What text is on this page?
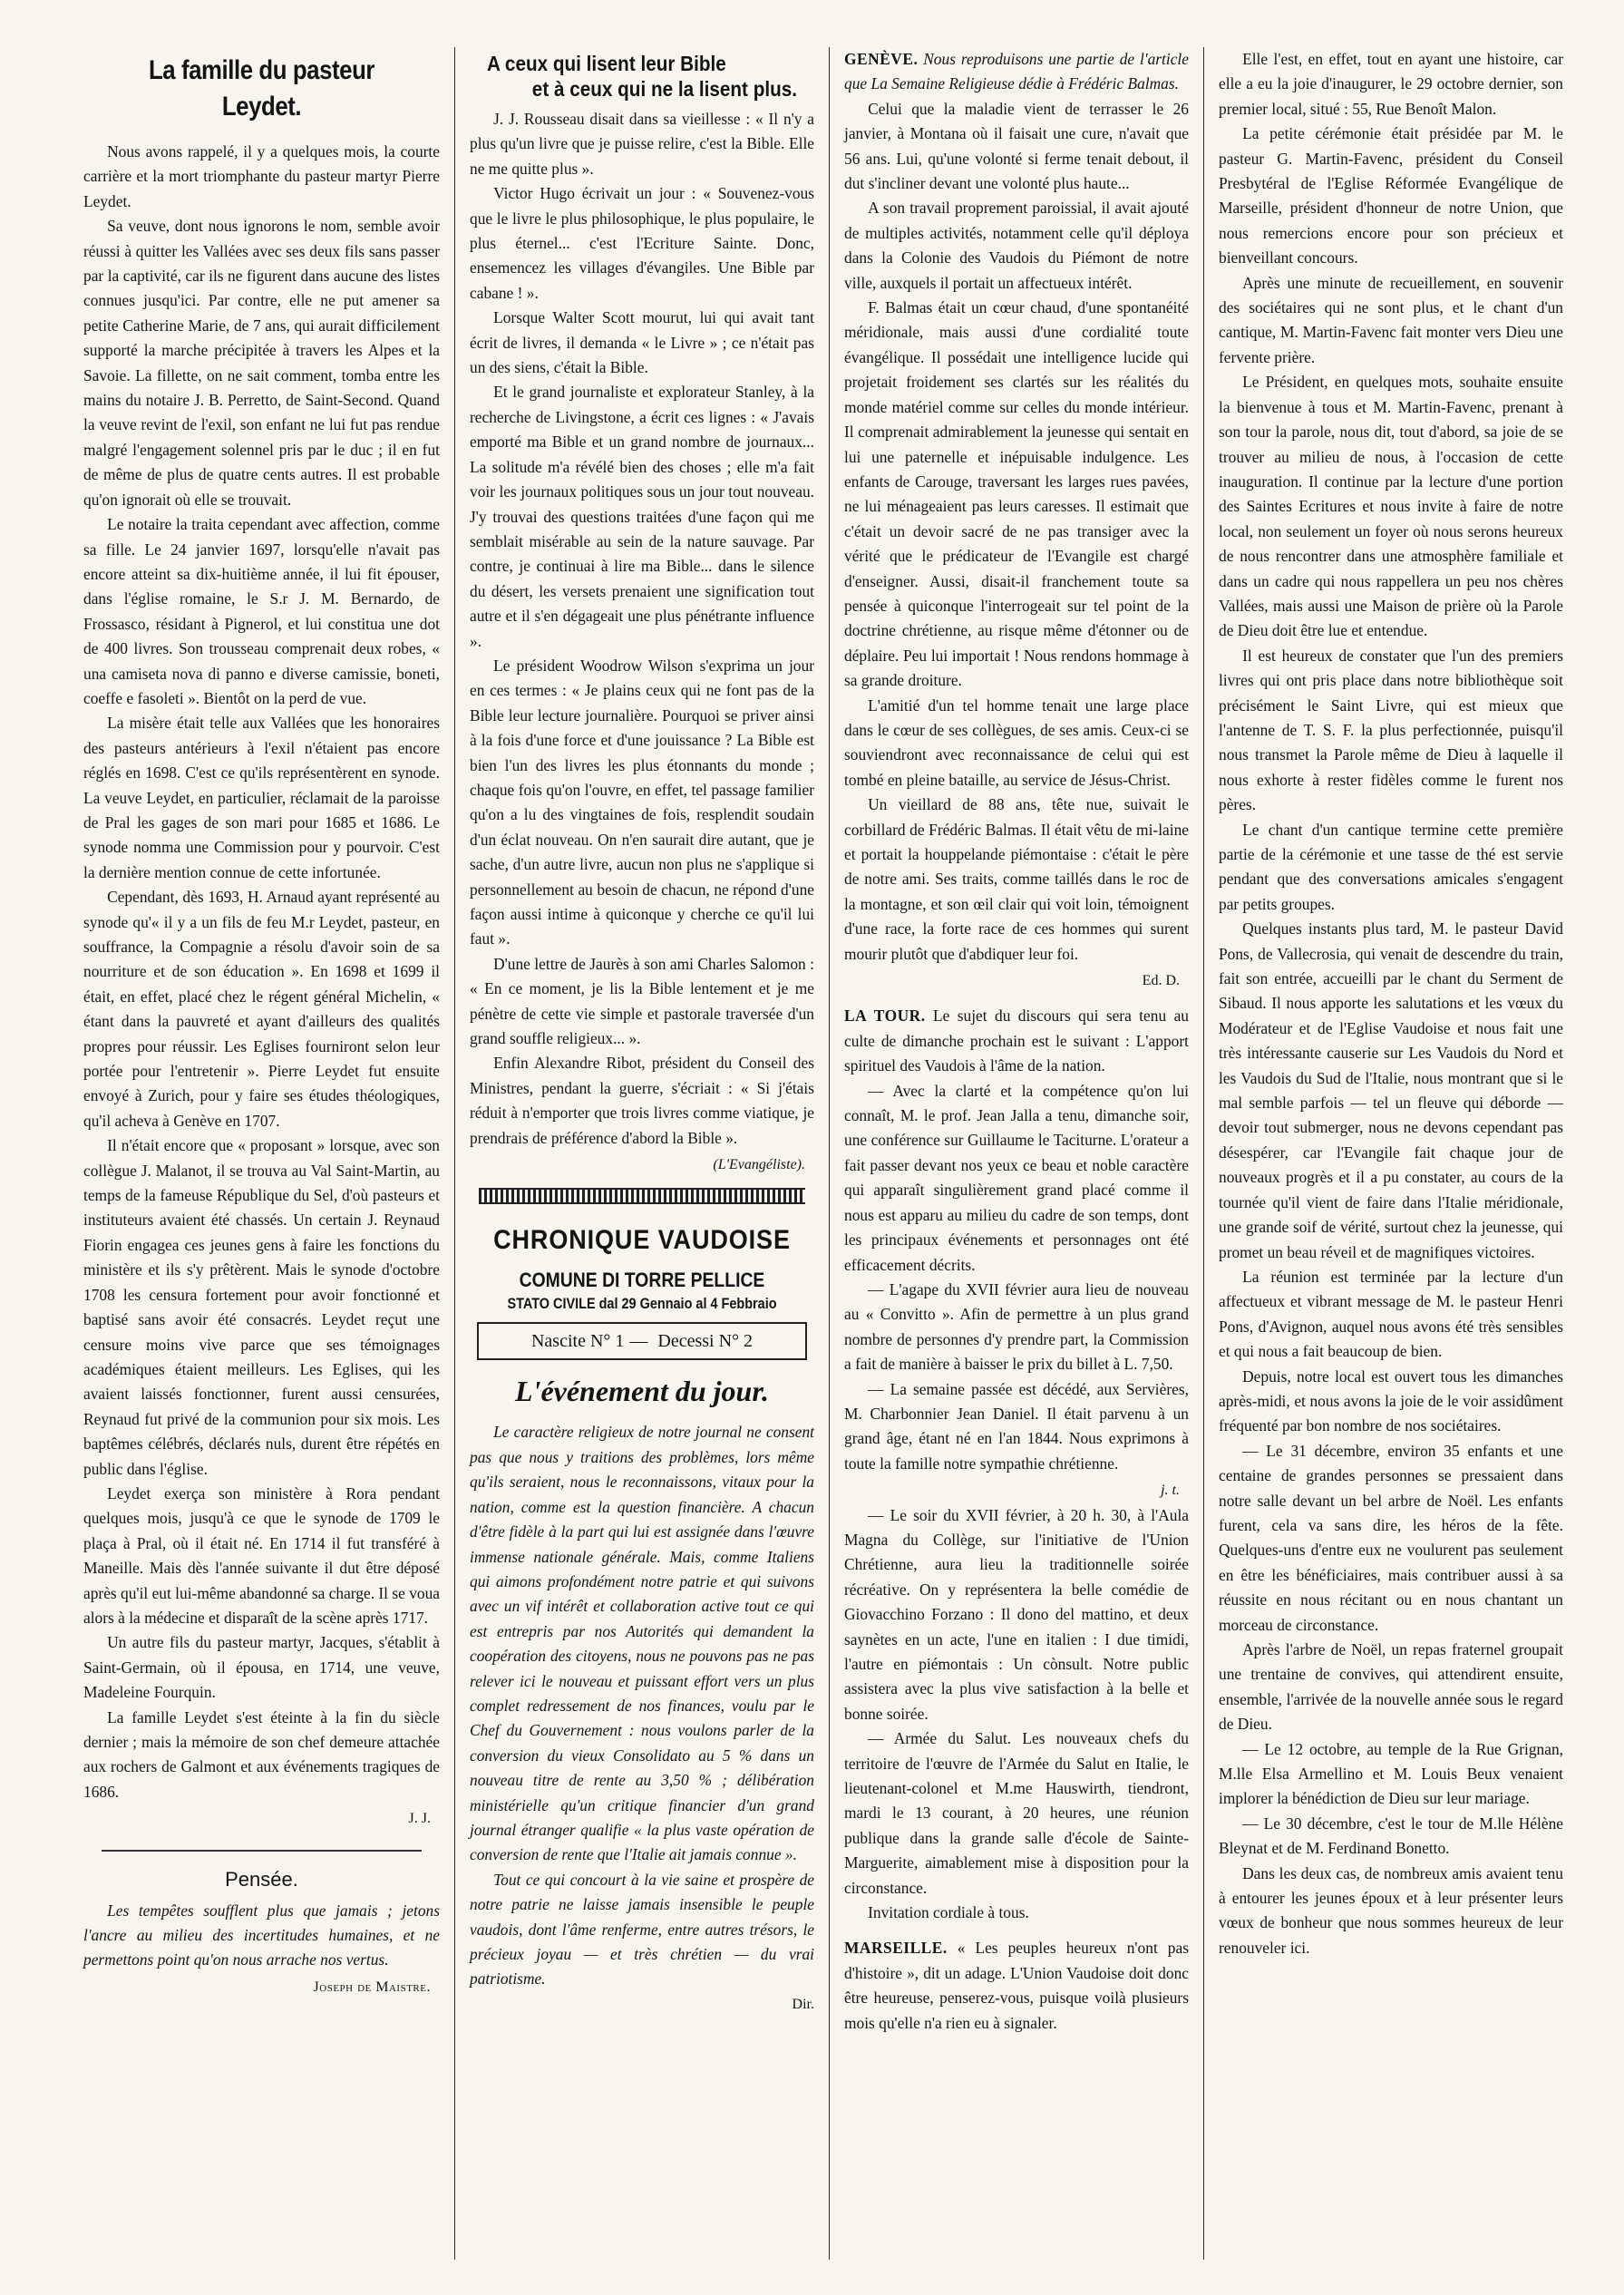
La famille du pasteur Leydet.

Nous avons rappelé, il y a quelques mois, la courte carrière et la mort triomphante du pasteur martyr Pierre Leydet.

Sa veuve, dont nous ignorons le nom, semble avoir réussi à quitter les Vallées avec ses deux fils sans passer par la captivité, car ils ne figurent dans aucune des listes connues jusqu'ici. Par contre, elle ne put amener sa petite Catherine Marie, de 7 ans, qui aurait difficilement supporté la marche précipitée à travers les Alpes et la Savoie. La fillette, on ne sait comment, tomba entre les mains du notaire J. B. Perretto, de Saint-Second. Quand la veuve revint de l'exil, son enfant ne lui fut pas rendue malgré l'engagement solennel pris par le duc ; il en fut de même de plus de quatre cents autres. Il est probable qu'on ignorait où elle se trouvait.

Le notaire la traita cependant avec affection, comme sa fille. Le 24 janvier 1697, lorsqu'elle n'avait pas encore atteint sa dix-huitième année, il lui fit épouser, dans l'église romaine, le S.r J. M. Bernardo, de Frossasco, résidant à Pignerol, et lui constitua une dot de 400 livres. Son trousseau comprenait deux robes, « una camiseta nova di panno e diverse camissie, boneti, coeffe e fasoleti ». Bientôt on la perd de vue.

La misère était telle aux Vallées que les honoraires des pasteurs antérieurs à l'exil n'étaient pas encore réglés en 1698. C'est ce qu'ils représentèrent en synode. La veuve Leydet, en particulier, réclamait de la paroisse de Pral les gages de son mari pour 1685 et 1686. Le synode nomma une Commission pour y pourvoir. C'est la dernière mention connue de cette infortunée.

Cependant, dès 1693, H. Arnaud ayant représenté au synode qu'« il y a un fils de feu M.r Leydet, pasteur, en souffrance, la Compagnie a résolu d'avoir soin de sa nourriture et de son éducation ». En 1698 et 1699 il était, en effet, placé chez le régent général Michelin, « étant dans la pauvreté et ayant d'ailleurs des qualités propres pour réussir. Les Eglises fourniront selon leur portée pour l'entretenir ». Pierre Leydet fut ensuite envoyé à Zurich, pour y faire ses études théologiques, qu'il acheva à Genève en 1707.

Il n'était encore que « proposant » lorsque, avec son collègue J. Malanot, il se trouva au Val Saint-Martin, au temps de la fameuse République du Sel, d'où pasteurs et instituteurs avaient été chassés. Un certain J. Reynaud Fiorin engagea ces jeunes gens à faire les fonctions du ministère et ils s'y prêtèrent. Mais le synode d'octobre 1708 les censura fortement pour avoir fonctionné et baptisé sans avoir été consacrés. Leydet reçut une censure moins vive parce que ses témoignages académiques étaient meilleurs. Les Eglises, qui les avaient laissés fonctionner, furent aussi censurées, Reynaud fut privé de la communion pour six mois. Les baptêmes célébrés, déclarés nuls, durent être répétés en public dans l'église.

Leydet exerça son ministère à Rora pendant quelques mois, jusqu'à ce que le synode de 1709 le plaça à Pral, où il était né. En 1714 il fut transféré à Maneille. Mais dès l'année suivante il dut être déposé après qu'il eut lui-même abandonné sa charge. Il se voua alors à la médecine et disparaît de la scène après 1717.

Un autre fils du pasteur martyr, Jacques, s'établit à Saint-Germain, où il épousa, en 1714, une veuve, Madeleine Fourquin.

La famille Leydet s'est éteinte à la fin du siècle dernier ; mais la mémoire de son chef demeure attachée aux rochers de Galmont et aux événements tragiques de 1686.

J. J.
Pensée.

Les tempêtes soufflent plus que jamais ; jetons l'ancre au milieu des incertitudes humaines, et ne permettons point qu'on nous arrache nos vertus.

Joseph de Maistre.
A ceux qui lisent leur Bible
et à ceux qui ne la lisent plus.

J. J. Rousseau disait dans sa vieillesse : « Il n'y a plus qu'un livre que je puisse relire, c'est la Bible. Elle ne me quitte plus ».

Victor Hugo écrivait un jour : « Souvenez-vous que le livre le plus philosophique, le plus populaire, le plus éternel... c'est l'Ecriture Sainte. Donc, ensemencez les villages d'évangiles. Une Bible par cabane ! ».

Lorsque Walter Scott mourut, lui qui avait tant écrit de livres, il demanda « le Livre » ; ce n'était pas un des siens, c'était la Bible.

Et le grand journaliste et explorateur Stanley, à la recherche de Livingstone, a écrit ces lignes : « J'avais emporté ma Bible et un grand nombre de journaux... La solitude m'a révélé bien des choses ; elle m'a fait voir les journaux politiques sous un jour tout nouveau. J'y trouvai des questions traitées d'une façon qui me semblait misérable au sein de la nature sauvage. Par contre, je continuai à lire ma Bible... dans le silence du désert, les versets prenaient une signification tout autre et il s'en dégageait une plus pénétrante influence ».

Le président Woodrow Wilson s'exprima un jour en ces termes : « Je plains ceux qui ne font pas de la Bible leur lecture journalière. Pourquoi se priver ainsi à la fois d'une force et d'une jouissance ? La Bible est bien l'un des livres les plus étonnants du monde ; chaque fois qu'on l'ouvre, en effet, tel passage familier qu'on a lu des vingtaines de fois, resplendit soudain d'un éclat nouveau. On n'en saurait dire autant, que je sache, d'un autre livre, aucun non plus ne s'applique si personnellement au besoin de chacun, ne répond d'une façon aussi intime à quiconque y cherche ce qu'il lui faut ».

D'une lettre de Jaurès à son ami Charles Salomon : « En ce moment, je lis la Bible lentement et je me pénètre de cette vie simple et pastorale traversée d'un grand souffle religieux... ».

Enfin Alexandre Ribot, président du Conseil des Ministres, pendant la guerre, s'écriait : « Si j'étais réduit à n'emporter que trois livres comme viatique, je prendrais de préférence d'abord la Bible ».

(L'Evangéliste).
CHRONIQUE VAUDOISE
COMUNE DI TORRE PELLICE
STATO CIVILE dal 29 Gennaio al 4 Febbraio
Nascite N° 1 — Decessi N° 2
L'événement du jour.

Le caractère religieux de notre journal ne consent pas que nous y traitions des problèmes, lors même qu'ils seraient, nous le reconnaissons, vitaux pour la nation, comme est la question financière. A chacun d'être fidèle à la part qui lui est assignée dans l'œuvre immense nationale générale. Mais, comme Italiens qui aimons profondément notre patrie et qui suivons avec un vif intérêt et collaboration active tout ce qui est entrepris par nos Autorités qui demandent la coopération des citoyens, nous ne pouvons pas ne pas relever ici le nouveau et puissant effort vers un plus complet redressement de nos finances, voulu par le Chef du Gouvernement : nous voulons parler de la conversion du vieux Consolidato au 5 % dans un nouveau titre de rente au 3,50 % ; délibération ministérielle qu'un critique financier d'un grand journal étranger qualifie « la plus vaste opération de conversion de rente que l'Italie ait jamais connue ».

Tout ce qui concourt à la vie saine et prospère de notre patrie ne laisse jamais insensible le peuple vaudois, dont l'âme renferme, entre autres trésors, le précieux joyau — et très chrétien — du vrai patriotisme.

Dir.

GENÈVE. Nous reproduisons une partie de l'article que La Semaine Religieuse dédie à Frédéric Balmas.

Celui que la maladie vient de terrasser le 26 janvier, à Montana où il faisait une cure, n'avait que 56 ans. Lui, qu'une volonté si ferme tenait debout, il dut s'incliner devant une volonté plus haute...

A son travail proprement paroissial, il avait ajouté de multiples activités, notamment celle qu'il déploya dans la Colonie des Vaudois du Piémont de notre ville, auxquels il portait un affectueux intérêt.

F. Balmas était un cœur chaud, d'une spontanéité méridionale, mais aussi d'une cordialité toute évangélique. Il possédait une intelligence lucide qui projetait froidement ses clartés sur les réalités du monde matériel comme sur celles du monde intérieur. Il comprenait admirablement la jeunesse qui sentait en lui une paternelle et inépuisable indulgence. Les enfants de Carouge, traversant les larges rues pavées, ne lui ménageaient pas leurs caresses. Il estimait que c'était un devoir sacré de ne pas transiger avec la vérité que le prédicateur de l'Evangile est chargé d'enseigner. Aussi, disait-il franchement toute sa pensée à quiconque l'interrogeait sur tel point de la doctrine chrétienne, au risque même d'étonner ou de déplaire. Peu lui importait ! Nous rendons hommage à sa grande droiture.

L'amitié d'un tel homme tenait une large place dans le cœur de ses collègues, de ses amis. Ceux-ci se souviendront avec reconnaissance de celui qui est tombé en pleine bataille, au service de Jésus-Christ.

Un vieillard de 88 ans, tête nue, suivait le corbillard de Frédéric Balmas. Il était vêtu de mi-laine et portait la houppelande piémontaise : c'était le père de notre ami. Ses traits, comme taillés dans le roc de la montagne, et son œil clair qui voit loin, témoignent d'une race, la forte race de ces hommes qui surent mourir plutôt que d'abdiquer leur foi.

Ed. D.

LA TOUR. Le sujet du discours qui sera tenu au culte de dimanche prochain est le suivant : L'apport spirituel des Vaudois à l'âme de la nation.

— Avec la clarté et la compétence qu'on lui connaît, M. le prof. Jean Jalla a tenu, dimanche soir, une conférence sur Guillaume le Taciturne. L'orateur a fait passer devant nos yeux ce beau et noble caractère qui apparaît singulièrement grand placé comme il nous est apparu au milieu du cadre de son temps, dont les principaux événements et personnages ont été efficacement décrits.

— L'agape du XVII février aura lieu de nouveau au « Convitto ». Afin de permettre à un plus grand nombre de personnes d'y prendre part, la Commission a fait de manière à baisser le prix du billet à L. 7,50.

— La semaine passée est décédé, aux Servières, M. Charbonnier Jean Daniel. Il était parvenu à un grand âge, étant né en l'an 1844. Nous exprimons à toute la famille notre sympathie chrétienne.

j. t.

— Le soir du XVII février, à 20 h. 30, à l'Aula Magna du Collège, sur l'initiative de l'Union Chrétienne, aura lieu la traditionnelle soirée récréative. On y représentera la belle comédie de Giovacchino Forzano : Il dono del mattino, et deux saynètes en un acte, l'une en italien : I due timidi, l'autre en piémontais : Un cònsult. Notre public assistera avec la plus vive satisfaction à la belle et bonne soirée.

— Armée du Salut. Les nouveaux chefs du territoire de l'œuvre de l'Armée du Salut en Italie, le lieutenant-colonel et M.me Hauswirth, tiendront, mardi le 13 courant, à 20 heures, une réunion publique dans la grande salle d'école de Sainte-Marguerite, aimablement mise à disposition pour la circonstance.

Invitation cordiale à tous.

MARSEILLE. « Les peuples heureux n'ont pas d'histoire », dit un adage. L'Union Vaudoise doit donc être heureuse, penserez-vous, puisque voilà plusieurs mois qu'elle n'a rien eu à signaler.

Elle l'est, en effet, tout en ayant une histoire, car elle a eu la joie d'inaugurer, le 29 octobre dernier, son premier local, situé : 55, Rue Benoît Malon.

La petite cérémonie était présidée par M. le pasteur G. Martin-Favenc, président du Conseil Presbytéral de l'Eglise Réformée Evangélique de Marseille, président d'honneur de notre Union, que nous remercions encore pour son précieux et bienveillant concours.

Après une minute de recueillement, en souvenir des sociétaires qui ne sont plus, et le chant d'un cantique, M. Martin-Favenc fait monter vers Dieu une fervente prière.

Le Président, en quelques mots, souhaite ensuite la bienvenue à tous et M. Martin-Favenc, prenant à son tour la parole, nous dit, tout d'abord, sa joie de se trouver au milieu de nous, à l'occasion de cette inauguration. Il continue par la lecture d'une portion des Saintes Ecritures et nous invite à faire de notre local, non seulement un foyer où nous serons heureux de nous rencontrer dans une atmosphère familiale et dans un cadre qui nous rappellera un peu nos chères Vallées, mais aussi une Maison de prière où la Parole de Dieu doit être lue et entendue.

Il est heureux de constater que l'un des premiers livres qui ont pris place dans notre bibliothèque soit précisément le Saint Livre, qui est mieux que l'antenne de T. S. F. la plus perfectionnée, puisqu'il nous transmet la Parole même de Dieu à laquelle il nous exhorte à rester fidèles comme le furent nos pères.

Le chant d'un cantique termine cette première partie de la cérémonie et une tasse de thé est servie pendant que des conversations amicales s'engagent par petits groupes.

Quelques instants plus tard, M. le pasteur David Pons, de Vallecrosia, qui venait de descendre du train, fait son entrée, accueilli par le chant du Serment de Sibaud. Il nous apporte les salutations et les vœux du Modérateur et de l'Eglise Vaudoise et nous fait une très intéressante causerie sur Les Vaudois du Nord et les Vaudois du Sud de l'Italie, nous montrant que si le mal semble parfois — tel un fleuve qui déborde — devoir tout submerger, nous ne devons cependant pas désespérer, car l'Evangile fait chaque jour de nouveaux progrès et il a pu constater, au cours de la tournée qu'il vient de faire dans l'Italie méridionale, une grande soif de vérité, surtout chez la jeunesse, qui promet un beau réveil et de magnifiques victoires.

La réunion est terminée par la lecture d'un affectueux et vibrant message de M. le pasteur Henri Pons, d'Avignon, auquel nous avons été très sensibles et qui nous a fait beaucoup de bien.

Depuis, notre local est ouvert tous les dimanches après-midi, et nous avons la joie de le voir assidûment fréquenté par bon nombre de nos sociétaires.

— Le 31 décembre, environ 35 enfants et une centaine de grandes personnes se pressaient dans notre salle devant un bel arbre de Noël. Les enfants furent, cela va sans dire, les héros de la fête. Quelques-uns d'entre eux ne voulurent pas seulement en être les bénéficiaires, mais contribuer aussi à sa réussite en nous récitant ou en nous chantant un morceau de circonstance.

Après l'arbre de Noël, un repas fraternel groupait une trentaine de convives, qui attendirent ensuite, ensemble, l'arrivée de la nouvelle année sous le regard de Dieu.

— Le 12 octobre, au temple de la Rue Grignan, M.lle Elsa Armellino et M. Louis Beux venaient implorer la bénédiction de Dieu sur leur mariage.

— Le 30 décembre, c'est le tour de M.lle Hélène Bleynat et de M. Ferdinand Bonetto.

Dans les deux cas, de nombreux amis avaient tenu à entourer les jeunes époux et à leur présenter leurs vœux de bonheur que nous sommes heureux de leur renouveler ici.
